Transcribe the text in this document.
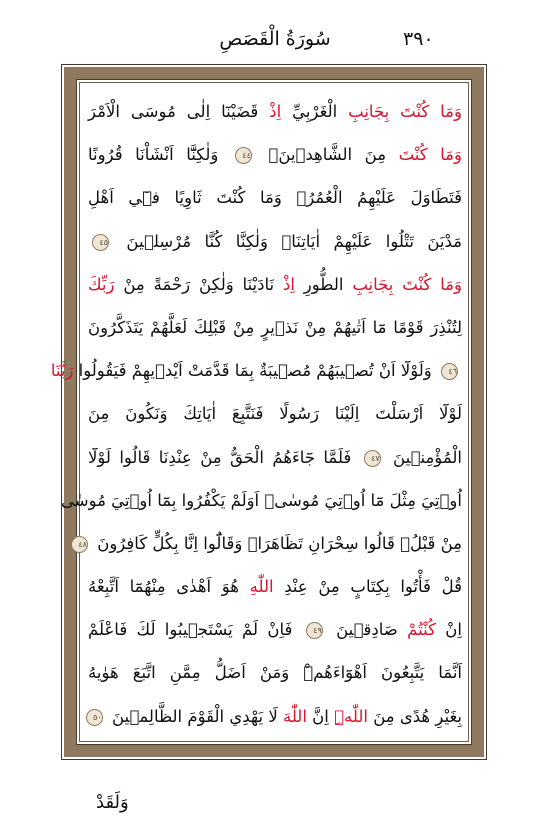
سُورَةُ الْقَصَصِ	٣٩٠
وَمَا كُنْتَ بِجَانِبِ الْغَرْبِيِّ اِذْ قَضَيْنَٓا اِلٰى مُوسَى الْاَمْرَ
وَمَا كُنْتَ مِنَ الشَّاهِدٖينَۙ ٤٤ وَلٰكِنَّٓا اَنْشَاْنَا قُرُونًا
فَتَطَاوَلَ عَلَيْهِمُ الْعُمُرُۚ وَمَا كُنْتَ ثَاوِيًا فٖٓي اَهْلِ
مَدْيَنَ تَتْلُوا عَلَيْهِمْ اٰيَاتِنَاۙ وَلٰكِنَّا كُنَّا مُرْسِلٖينَ ٤٥
وَمَا كُنْتَ بِجَانِبِ الطُّورِ اِذْ نَادَيْنَا وَلٰكِنْ رَحْمَةً مِنْ رَبِّكَ
لِتُنْذِرَ قَوْمًا مَٓا اَتٰيهُمْ مِنْ نَذٖيرٍ مِنْ قَبْلِكَ لَعَلَّهُمْ يَتَذَكَّرُونَ
٤٦ وَلَوْلَٓا اَنْ تُصٖيبَهُمْ مُصٖيبَةٌ بِمَا قَدَّمَتْ اَيْدٖيهِمْ فَيَقُولُوا رَبَّنَا
لَوْلَٓا اَرْسَلْتَ اِلَيْنَا رَسُولًا فَنَتَّبِعَ اٰيَاتِكَ وَنَكُونَ مِنَ
الْمُؤْمِنٖينَ ٤٧ فَلَمَّا جَٓاءَهُمُ الْحَقُّ مِنْ عِنْدِنَا قَالُوا لَوْلَٓا
اُو۫تِيَ مِثْلَ مَٓا اُو۫تِيَ مُوسٰىۜ اَوَلَمْ يَكْفُرُوا بِمَٓا اُو۫تِيَ مُوسٰى
مِنْ قَبْلُۚ قَالُوا سِحْرَانِ تَظَاهَرَاۗ وَقَالُٓوا اِنَّا بِكُلٍّ كَافِرُونَ ٤٨
قُلْ فَأْتُوا بِكِتَابٍ مِنْ عِنْدِ اللّٰهِ هُوَ اَهْدٰى مِنْهُمَٓا اَتَّبِعْهُ
اِنْ كُنْتُمْ صَادِقٖينَ ٤٩ فَاِنْ لَمْ يَسْتَجٖيبُوا لَكَ فَاعْلَمْ
اَنَّمَا يَتَّبِعُونَ اَهْوَٓاءَهُمْۜ وَمَنْ اَضَلُّ مِمَّنِ اتَّبَعَ هَوٰيهُ
بِغَيْرِ هُدًى مِنَ اللّٰهِۜ اِنَّ اللّٰهَ لَا يَهْدِي الْقَوْمَ الظَّالِمٖينَ ٥٠
وَلَقَدْ
